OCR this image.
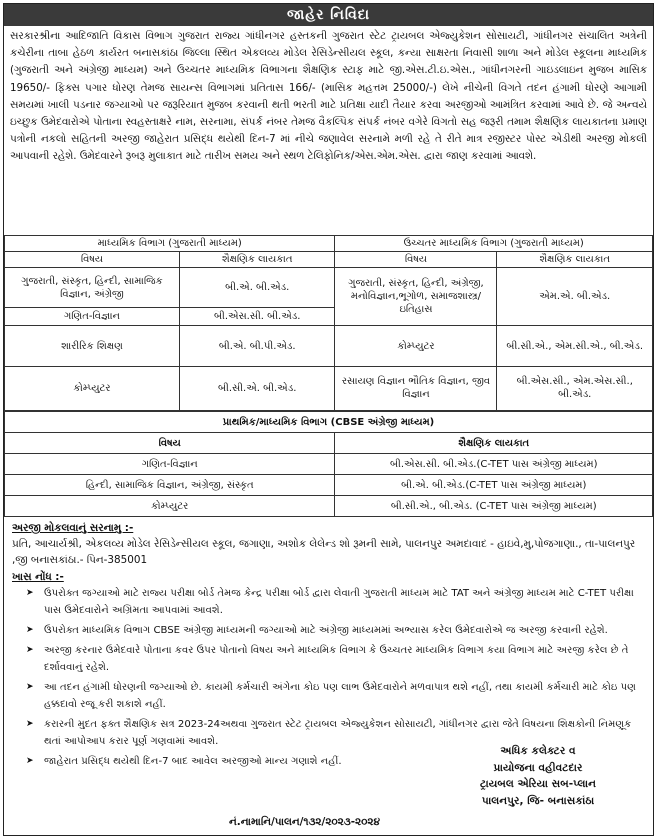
જાહેર નિવિદા
સરકારશ્રીના આદિજાતિ વિકાસ વિભાગ ગુજરાત રાજ્ય ગાંધીનગર હસ્તકની ગુજરાત સ્ટેટ ટ્રાયબલ એજ્યુકેશન સોસાયટી, ગાંધીનગર સંચાલિત અત્રેની કચેરીના તાબા હેઠળ કાર્યરત બનાસકાંઠા જિલ્લા સ્થિત એકલવ્ય મોડેલ રેસિડેન્સીયલ સ્કૂલ, કન્યા સાક્ષરતા નિવાસી શાળા અને મોડેલ સ્કૂલના માધ્યમિક (ગુજરાતી અને અંગ્રેજી માધ્યમ) અને ઉચ્ચતર માધ્યમિક વિભાગના શૈક્ષણિક સ્ટાફ માટે જી.એસ.ટી.ઇ.એસ., ગાંધીનગરની ગાઇડલાઇન મુજબ માસિક 19650/- ફિક્સ પગાર ધોરણ તેમજ સાયન્સ વિભાગમાં પ્રતિતાસ 166/- (માસિક મહત્તમ 25000/-) લેખે નીચેની વિગતે તદન હંગામી ધોરણે આગામી સમયમાં ખાલી પડનાર જગ્યાઓ પર જરૂરિયાત મુજબ કરવાની થતી ભરતી માટે પ્રતિક્ષા યાદી તૈયાર કરવા અરજીઓ આમંત્રિત કરવામાં આવે છે. જે અન્વયે ઇચ્છુક ઉમેદવારોએ પોતાના સ્વહસ્તાક્ષરે નામ, સરનામા, સંપર્ક નંબર તેમજ વૈકલ્પિક સંપર્ક નંબર વગેરે વિગતો સહ જરૂરી તમામ શૈક્ષણિક લાયકાતના પ્રમાણ પત્રોની નકલો સહિતની અરજી જાહેરાત પ્રસિદ્ધ થયેથી દિન-7 માં નીચે જણાવેલ સરનામે મળી રહે તે રીતે માત્ર રજીસ્ટર પોસ્ટ એડીથી અરજી મોકલી આપવાની રહેશે. ઉમેદવારને રૂબરૂ મુલાકાત માટે તારીખ સમય અને સ્થળ ટેલિફોનિક/એસ.એમ.એસ. દ્વારા જાણ કરવામાં આવશે.
માધ્યમિક વિભાગ (ગુજરાતી માધ્યમ)		ઉચ્ચતર માધ્યમિક વિભાગ (ગુજરાતી માધ્યમ)	
વિષય	શૈક્ષણિક લાયકાત	વિષય	શૈક્ષણિક લાયકાત
ગુજરાતી, સંસ્કૃત, હિન્દી, સામાજિક વિજ્ઞાન, અંગ્રેજી	બી.એ. બી.એડ.	ગુજરાતી, સંસ્કૃત, હિન્દી, અંગ્રેજી, મનોવિજ્ઞાન,ભૂગોળ, સમાજશાસ્ત્ર/ઇતિહાસ	એમ.એ. બી.એડ.
ગણિત-વિજ્ઞાન	બી.એસ.સી. બી.એડ.		
શારીરિક શિક્ષણ	બી.એ. બી.પી.એડ.	કોમ્પ્યુટર	બી.સી.એ., એમ.સી.એ., બી.એડ.
કોમ્પ્યુટર	બી.સી.એ. બી.એડ.	રસાયણ વિજ્ઞાન ભૌતિક વિજ્ઞાન, જીવ વિજ્ઞાન	બી.એસ.સી., એમ.એસ.સી., બી.એડ.
પ્રાથમિક/માધ્યમિક વિભાગ (CBSE અંગ્રેજી માધ્યમ)	
વિષય	શૈક્ષણિક લાયકાત
ગણિત-વિજ્ઞાન	બી.એસ.સી. બી.એડ.(C-TET પાસ અંગ્રેજી માધ્યમ)
હિન્દી, સામાજિક વિજ્ઞાન, અંગ્રેજી, સંસ્કૃત	બી.એ. બી.એડ.(C-TET પાસ અંગ્રેજી માધ્યમ)
કોમ્પ્યુટર	બી.સી.એ., બી.એડ. (C-TET પાસ અંગ્રેજી માધ્યમ)
અરજી મોકલવાનું સરનામુ :-
પ્રતિ, આચાર્યશ્રી, એકલવ્ય મોડેલ રેસિડેન્સીયલ સ્કૂલ, જગાણા, અશોક લેલેન્ડ શો રૂમની સામે, પાલનપુર અમદાવાદ - હાઇવે,મુ,પોજગાણા., તા-પાલનપુર ,જી બનાસકાંઠા.- પિન-385001
ખાસ નોંધ :-
➤ ઉપરોક્ત જગ્યાઓ માટે રાજ્ય પરીક્ષા બોર્ડ તેમજ કેન્દ્ર પરીક્ષા બોર્ડ દ્વારા લેવાતી ગુજરાતી માધ્યમ માટે TAT અને અંગ્રેજી માધ્યમ માટે C-TET પરીક્ષા પાસ ઉમેદવારોને અગ્રિમતા આપવામાં આવશે.
➤ ઉપરોક્ત માધ્યમિક વિભાગ CBSE અંગ્રેજી માધ્યમની જગ્યાઓ માટે અંગ્રેજી માધ્યમમાં અભ્યાસ કરેલ ઉમેદવારોએ જ અરજી કરવાની રહેશે.
➤ અરજી કરનાર ઉમેદવારે પોતાના કવર ઉપર પોતાનો વિષય અને માધ્યમિક વિભાગ કે ઉચ્ચતર માધ્યમિક વિભાગ કયા વિભાગ માટે અરજી કરેલ છે તે દર્શાવવાનું રહેશે.
➤ આ તદન હંગામી ધોરણની જગ્યાઓ છે. કાયમી કર્મચારી અંગેના કોઇ પણ લાભ ઉમેદવારોને મળવાપાત્ર થશે નહીં, તથા કાયમી કર્મચારી માટે કોઇ પણ હક્કદાવો રજૂ કરી શકાશે નહીં.
➤ કરારની મુદત ફક્ત શૈક્ષણિક સત્ર 2023-24અથવા ગુજરાત સ્ટેટ ટ્રાયબલ એજ્યુકેશન સોસાયટી, ગાંધીનગર દ્વારા જેતે વિષયના શિક્ષકોની નિમણૂક થતાં આપોઆપ કરાર પૂર્ણ ગણવામાં આવશે.
➤ જાહેરાત પ્રસિદ્ધ થયેથી દિન-7 બાદ આવેલ અરજીઓ માન્ય ગણાશે નહીં.
અધિક કલેક્ટર વ
પ્રાયોજના વહીવટદાર
ટ્રાયબલ એરિયા સબ-પ્લાન
પાલનપુર, જિ- બનાસકાંઠા
નં.નામાનિ/પાલન/૧૩૨/૨૦૨૩-૨૦૨૪
